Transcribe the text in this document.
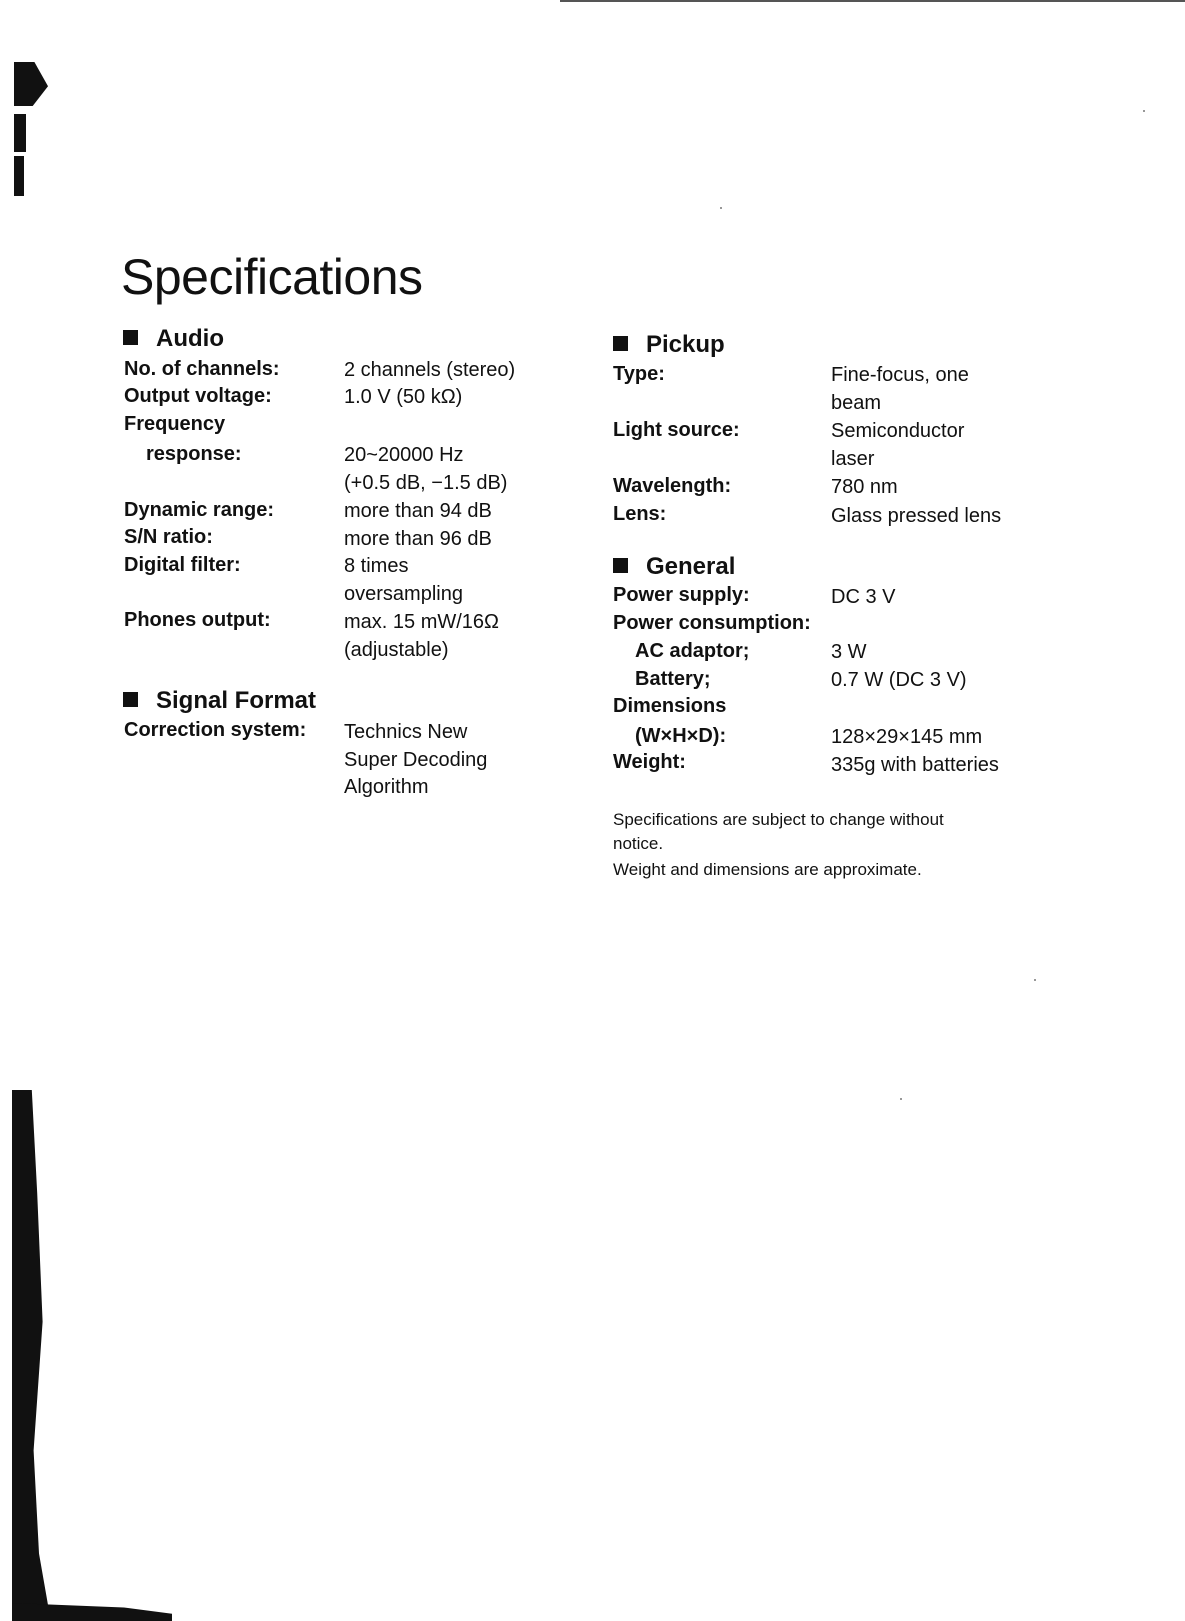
Specifications
Audio
No. of channels:	2 channels (stereo)
Output voltage:	1.0 V (50 kΩ)
Frequency
response:	20~20000 Hz
(+0.5 dB, −1.5 dB)
Dynamic range:	more than 94 dB
S/N ratio:	more than 96 dB
Digital filter:	8 times
oversampling
Phones output:	max. 15 mW/16Ω
(adjustable)
Signal Format
Correction system: Technics New
Super Decoding
Algorithm
Pickup
Type:	Fine-focus, one
beam
Light source:	Semiconductor
laser
Wavelength:	780 nm
Lens:	Glass pressed lens
General
Power supply:	DC 3 V
Power consumption:
AC adaptor;	3 W
Battery;	0.7 W (DC 3 V)
Dimensions
(W×H×D):	128×29×145 mm
Weight:	335g with batteries
Specifications are subject to change without
notice.
Weight and dimensions are approximate.
